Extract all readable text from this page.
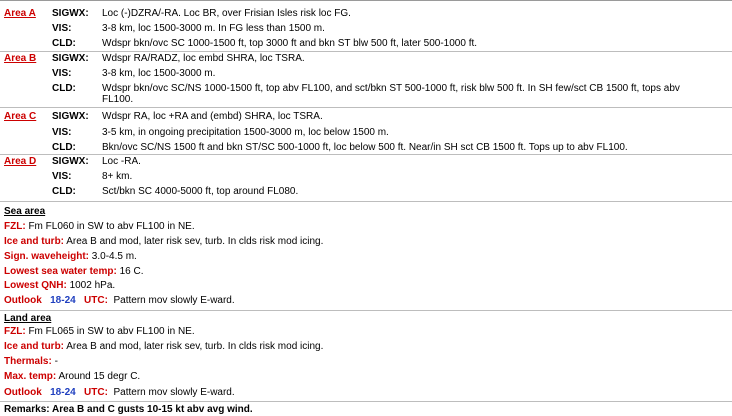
Area A SIGWX: Loc (-)DZRA/-RA. Loc BR, over Frisian Isles risk loc FG.
VIS:	3-8 km, loc 1500-3000 m. In FG less than 1500 m.
CLD:	Wdspr bkn/ovc SC 1000-1500 ft, top 3000 ft and bkn ST blw 500 ft, later 500-1000 ft.
Area B SIGWX: Wdspr RA/RADZ, loc embd SHRA, loc TSRA.
VIS:	3-8 km, loc 1500-3000 m.
CLD:	Wdspr bkn/ovc SC/NS 1000-1500 ft, top abv FL100, and sct/bkn ST 500-1000 ft, risk blw 500 ft. In SH few/sct CB 1500 ft, tops abv FL100.
Area C SIGWX: Wdspr RA, loc +RA and (embd) SHRA, loc TSRA.
VIS:	3-5 km, in ongoing precipitation 1500-3000 m, loc below 1500 m.
CLD:	Bkn/ovc SC/NS 1500 ft and bkn ST/SC 500-1000 ft, loc below 500 ft. Near/in SH sct CB 1500 ft. Tops up to abv FL100.
Area D SIGWX: Loc -RA.
VIS:	8+ km.
CLD:	Sct/bkn SC 4000-5000 ft, top around FL080.
Sea area
FZL: Fm FL060 in SW to abv FL100 in NE.
Ice and turb: Area B and mod, later risk sev, turb. In clds risk mod icing.
Sign. waveheight: 3.0-4.5 m.
Lowest sea water temp: 16 C.
Lowest QNH: 1002 hPa.
Outlook 18-24 UTC: Pattern mov slowly E-ward.
Land area
FZL: Fm FL065 in SW to abv FL100 in NE.
Ice and turb: Area B and mod, later risk sev, turb. In clds risk mod icing.
Thermals: -
Max. temp: Around 15 degr C.
Outlook 18-24 UTC: Pattern mov slowly E-ward.
Remarks: Area B and C gusts 10-15 kt abv avg wind.
